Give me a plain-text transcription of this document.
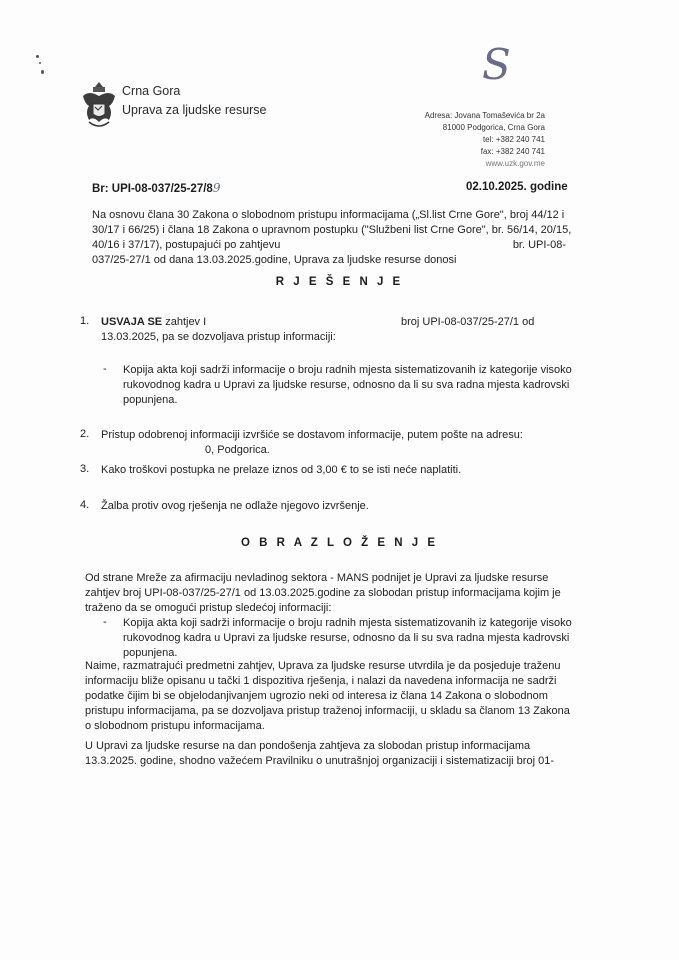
S
Crna Gora
Uprava za ljudske resurse	Adresa: Jovana Tomaševića br 2a
81000 Podgorica, Crna Gora
tel: +382 240 741
fax: +382 240 741
www.uzk.gov.me
Br: UPI-08-037/25-27/89	02.10.2025. godine
Na osnovu člana 30 Zakona o slobodnom pristupu informacijama („Sl.list Crne Gore", broj 44/12 i
30/17 i 66/25) i člana 18 Zakona o upravnom postupku ("Službeni list Crne Gore", br. 56/14, 20/15,
40/16 i 37/17), postupajući po zahtjevu	br. UPI-08-
037/25-27/1 od dana 13.03.2025.godine, Uprava za ljudske resurse donosi
R J E Š E N J E
1. USVAJA SE zahtjev I	broj UPI-08-037/25-27/1 od
13.03.2025, pa se dozvoljava pristup informaciji:
- Kopija akta koji sadrži informacije o broju radnih mjesta sistematizovanih iz kategorije visoko
rukovodnog kadra u Upravi za ljudske resurse, odnosno da li su sva radna mjesta kadrovski
popunjena.
2. Pristup odobrenoj informaciji izvršiće se dostavom informacije, putem pošte na adresu:
0, Podgorica.
3. Kako troškovi postupka ne prelaze iznos od 3,00 € to se isti neće naplatiti.
4. Žalba protiv ovog rješenja ne odlaže njegovo izvršenje.
O B R A Z L O Ž E N J E
Od strane Mreže za afirmaciju nevladinog sektora - MANS podnijet je Upravi za ljudske resurse
zahtjev broj UPI-08-037/25-27/1 od 13.03.2025.godine za slobodan pristup informacijama kojim je
traženo da se omogući pristup sledećoj informaciji:
- Kopija akta koji sadrži informacije o broju radnih mjesta sistematizovanih iz kategorije visoko
rukovodnog kadra u Upravi za ljudske resurse, odnosno da li su sva radna mjesta kadrovski
popunjena.
Naime, razmatrajući predmetni zahtjev, Uprava za ljudske resurse utvrdila je da posjeduje traženu
informaciju bliže opisanu u tački 1 dispozitiva rješenja, i nalazi da navedena informacija ne sadrži
podatke čijim bi se objelodanjivanjem ugrozio neki od interesa iz člana 14 Zakona o slobodnom
pristupu informacijama, pa se dozvoljava pristup traženoj informaciji, u skladu sa članom 13 Zakona
o slobodnom pristupu informacijama.
U Upravi za ljudske resurse na dan pondošenja zahtjeva za slobodan pristup informacijama
13.3.2025. godine, shodno važećem Pravilniku o unutrašnjoj organizaciji i sistematizaciji broj 01-
